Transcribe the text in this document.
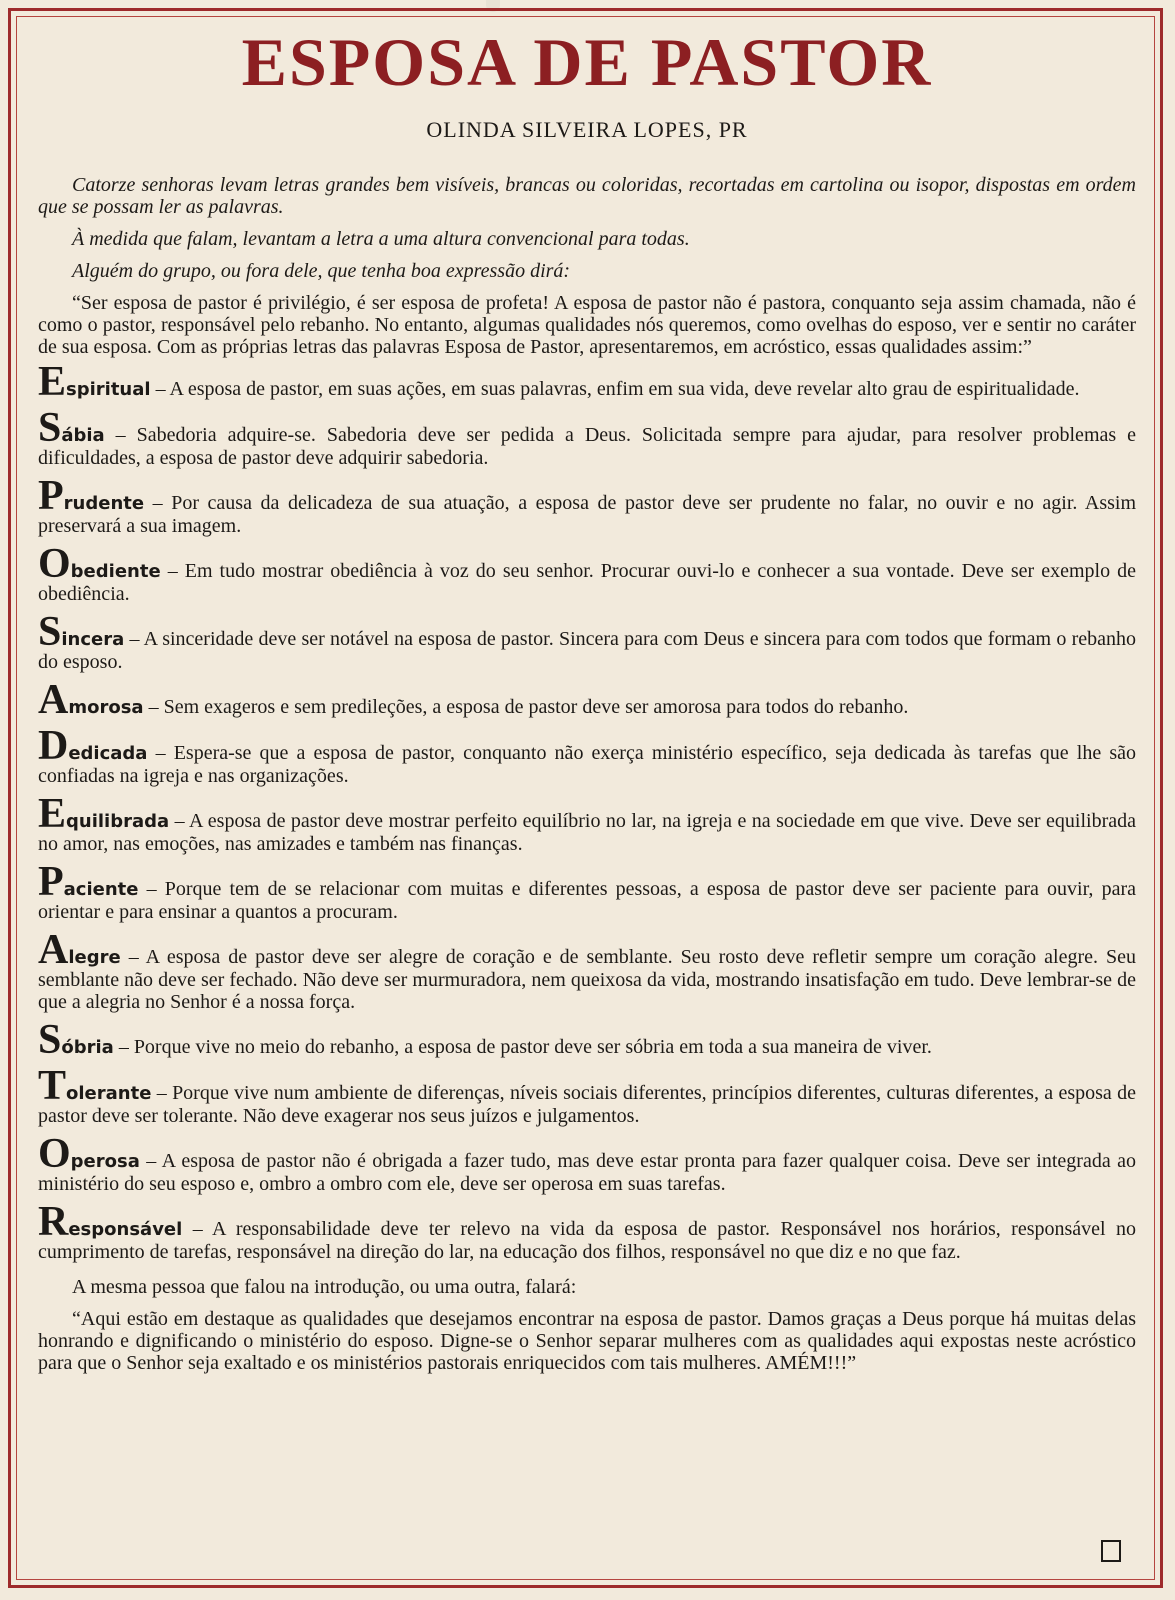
ESPOSA DE PASTOR
OLINDA SILVEIRA LOPES, PR

Catorze senhoras levam letras grandes bem visíveis, brancas ou coloridas, recortadas em cartolina ou isopor, dispostas em ordem que se possam ler as palavras.

À medida que falam, levantam a letra a uma altura convencional para todas.

Alguém do grupo, ou fora dele, que tenha boa expressão dirá:

“Ser esposa de pastor é privilégio, é ser esposa de profeta! A esposa de pastor não é pastora, conquanto seja assim chamada, não é como o pastor, responsável pelo rebanho. No entanto, algumas qualidades nós queremos, como ovelhas do esposo, ver e sentir no caráter de sua esposa. Com as próprias letras das palavras Esposa de Pastor, apresentaremos, em acróstico, essas qualidades assim:”

Espiritual – A esposa de pastor, em suas ações, em suas palavras, enfim em sua vida, deve revelar alto grau de espiritualidade.
Sábia – Sabedoria adquire-se. Sabedoria deve ser pedida a Deus. Solicitada sempre para ajudar, para resolver problemas e dificuldades, a esposa de pastor deve adquirir sabedoria.
Prudente – Por causa da delicadeza de sua atuação, a esposa de pastor deve ser prudente no falar, no ouvir e no agir. Assim preservará a sua imagem.
Obediente – Em tudo mostrar obediência à voz do seu senhor. Procurar ouvi-lo e conhecer a sua vontade. Deve ser exemplo de obediência.
Sincera – A sinceridade deve ser notável na esposa de pastor. Sincera para com Deus e sincera para com todos que formam o rebanho do esposo.
Amorosa – Sem exageros e sem predileções, a esposa de pastor deve ser amorosa para todos do rebanho.
Dedicada – Espera-se que a esposa de pastor, conquanto não exerça ministério específico, seja dedicada às tarefas que lhe são confiadas na igreja e nas organizações.
Equilibrada – A esposa de pastor deve mostrar perfeito equilíbrio no lar, na igreja e na sociedade em que vive. Deve ser equilibrada no amor, nas emoções, nas amizades e também nas finanças.
Paciente – Porque tem de se relacionar com muitas e diferentes pessoas, a esposa de pastor deve ser paciente para ouvir, para orientar e para ensinar a quantos a procuram.
Alegre – A esposa de pastor deve ser alegre de coração e de semblante. Seu rosto deve refletir sempre um coração alegre. Seu semblante não deve ser fechado. Não deve ser murmuradora, nem queixosa da vida, mostrando insatisfação em tudo. Deve lembrar-se de que a alegria no Senhor é a nossa força.
Sóbria – Porque vive no meio do rebanho, a esposa de pastor deve ser sóbria em toda a sua maneira de viver.
Tolerante – Porque vive num ambiente de diferenças, níveis sociais diferentes, princípios diferentes, culturas diferentes, a esposa de pastor deve ser tolerante. Não deve exagerar nos seus juízos e julgamentos.
Operosa – A esposa de pastor não é obrigada a fazer tudo, mas deve estar pronta para fazer qualquer coisa. Deve ser integrada ao ministério do seu esposo e, ombro a ombro com ele, deve ser operosa em suas tarefas.
Responsável – A responsabilidade deve ter relevo na vida da esposa de pastor. Responsável nos horários, responsável no cumprimento de tarefas, responsável na direção do lar, na educação dos filhos, responsável no que diz e no que faz.

A mesma pessoa que falou na introdução, ou uma outra, falará:

“Aqui estão em destaque as qualidades que desejamos encontrar na esposa de pastor. Damos graças a Deus porque há muitas delas honrando e dignificando o ministério do esposo. Digne-se o Senhor separar mulheres com as qualidades aqui expostas neste acróstico para que o Senhor seja exaltado e os ministérios pastorais enriquecidos com tais mulheres. AMÉM!!!”
